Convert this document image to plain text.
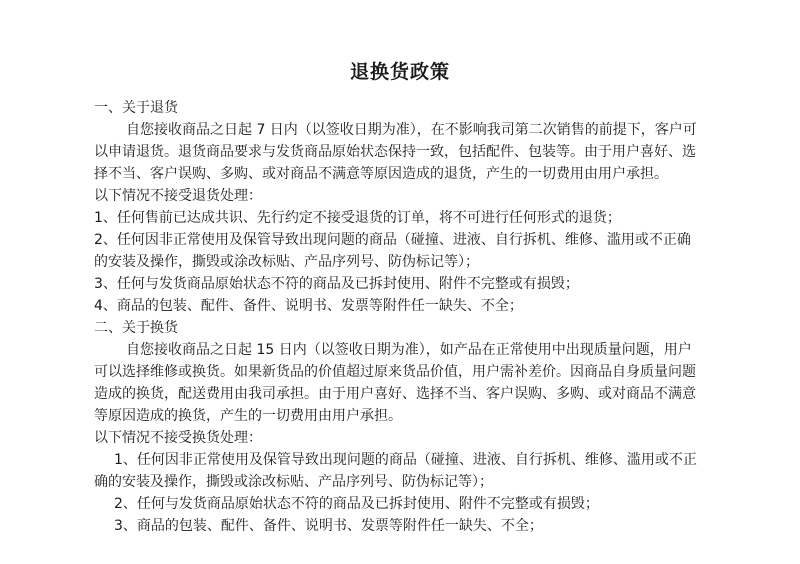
退换货政策
一、关于退货
自您接收商品之日起 7 日内（以签收日期为准），在不影响我司第二次销售的前提下，客户可
以申请退货。退货商品要求与发货商品原始状态保持一致，包括配件、包装等。由于用户喜好、选
择不当、客户误购、多购、或对商品不满意等原因造成的退货，产生的一切费用由用户承担。
以下情况不接受退货处理：
1、任何售前已达成共识、先行约定不接受退货的订单，将不可进行任何形式的退货；
2、任何因非正常使用及保管导致出现问题的商品（碰撞、进液、自行拆机、维修、滥用或不正确
的安装及操作，撕毁或涂改标贴、产品序列号、防伪标记等）；
3、任何与发货商品原始状态不符的商品及已拆封使用、附件不完整或有损毁；
4、商品的包装、配件、备件、说明书、发票等附件任一缺失、不全；
二、关于换货
自您接收商品之日起 15 日内（以签收日期为准），如产品在正常使用中出现质量问题，用户
可以选择维修或换货。如果新货品的价值超过原来货品价值，用户需补差价。因商品自身质量问题
造成的换货，配送费用由我司承担。由于用户喜好、选择不当、客户误购、多购、或对商品不满意
等原因造成的换货，产生的一切费用由用户承担。
以下情况不接受换货处理：
1、任何因非正常使用及保管导致出现问题的商品（碰撞、进液、自行拆机、维修、滥用或不正
确的安装及操作，撕毁或涂改标贴、产品序列号、防伪标记等）；
2、任何与发货商品原始状态不符的商品及已拆封使用、附件不完整或有损毁；
3、商品的包装、配件、备件、说明书、发票等附件任一缺失、不全；
